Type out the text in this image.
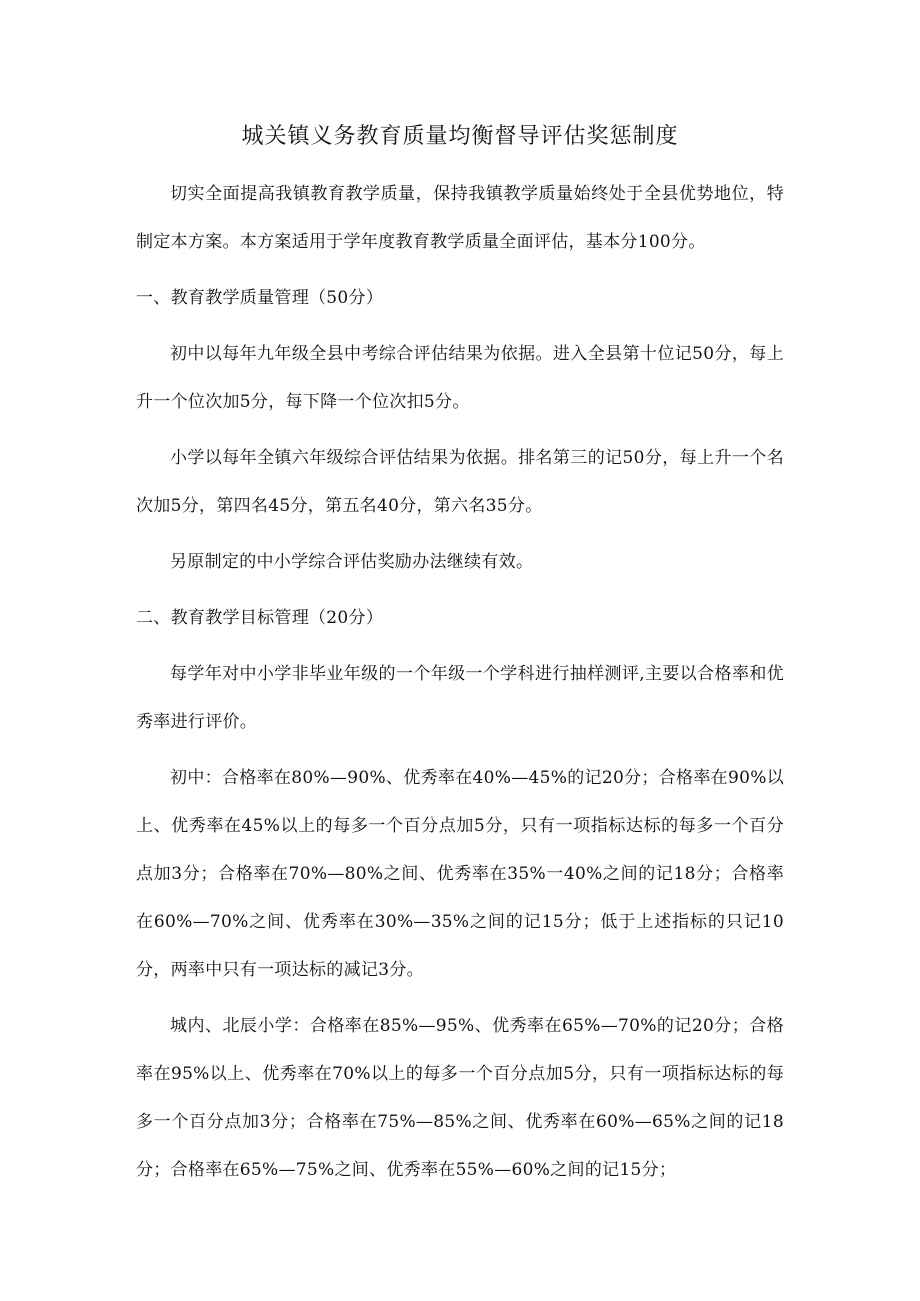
城关镇义务教育质量均衡督导评估奖惩制度

切实全面提高我镇教育教学质量，保持我镇教学质量始终处于全县优势地位，特制定本方案。本方案适用于学年度教育教学质量全面评估，基本分100分。

一、教育教学质量管理（50分）

初中以每年九年级全县中考综合评估结果为依据。进入全县第十位记50分，每上升一个位次加5分，每下降一个位次扣5分。

小学以每年全镇六年级综合评估结果为依据。排名第三的记50分，每上升一个名次加5分，第四名45分，第五名40分，第六名35分。

另原制定的中小学综合评估奖励办法继续有效。

二、教育教学目标管理（20分）

每学年对中小学非毕业年级的一个年级一个学科进行抽样测评,主要以合格率和优秀率进行评价。

初中：合格率在80%—90%、优秀率在40%—45%的记20分；合格率在90%以上、优秀率在45%以上的每多一个百分点加5分，只有一项指标达标的每多一个百分点加3分；合格率在70%—80%之间、优秀率在35%一40%之间的记18分；合格率在60%—70%之间、优秀率在30%—35%之间的记15分；低于上述指标的只记10分，两率中只有一项达标的减记3分。

城内、北辰小学：合格率在85%—95%、优秀率在65%—70%的记20分；合格率在95%以上、优秀率在70%以上的每多一个百分点加5分，只有一项指标达标的每多一个百分点加3分；合格率在75%—85%之间、优秀率在60%—65%之间的记18分；合格率在65%—75%之间、优秀率在55%—60%之间的记15分；
